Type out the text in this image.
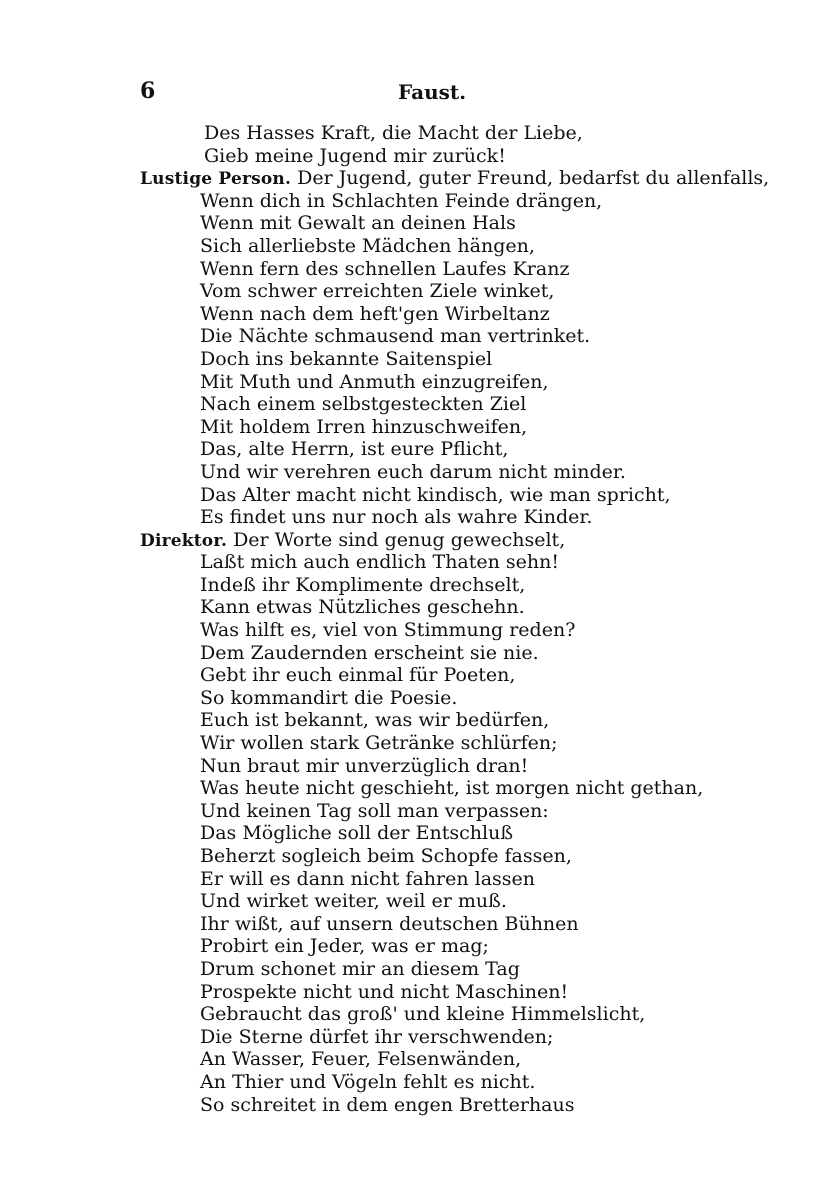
6	Faust.
Des Hasses Kraft, die Macht der Liebe,
Gieb meine Jugend mir zurück!
Lustige Person. Der Jugend, guter Freund, bedarfst du allenfalls,
Wenn dich in Schlachten Feinde drängen,
Wenn mit Gewalt an deinen Hals
Sich allerliebste Mädchen hängen,
Wenn fern des schnellen Laufes Kranz
Vom schwer erreichten Ziele winket,
Wenn nach dem heft'gen Wirbeltanz
Die Nächte schmausend man vertrinket.
Doch ins bekannte Saitenspiel
Mit Muth und Anmuth einzugreifen,
Nach einem selbstgesteckten Ziel
Mit holdem Irren hinzuschweifen,
Das, alte Herrn, ist eure Pflicht,
Und wir verehren euch darum nicht minder.
Das Alter macht nicht kindisch, wie man spricht,
Es findet uns nur noch als wahre Kinder.
Direktor. Der Worte sind genug gewechselt,
Laßt mich auch endlich Thaten sehn!
Indeß ihr Komplimente drechselt,
Kann etwas Nützliches geschehn.
Was hilft es, viel von Stimmung reden?
Dem Zaudernden erscheint sie nie.
Gebt ihr euch einmal für Poeten,
So kommandirt die Poesie.
Euch ist bekannt, was wir bedürfen,
Wir wollen stark Getränke schlürfen;
Nun braut mir unverzüglich dran!
Was heute nicht geschieht, ist morgen nicht gethan,
Und keinen Tag soll man verpassen:
Das Mögliche soll der Entschluß
Beherzt sogleich beim Schopfe fassen,
Er will es dann nicht fahren lassen
Und wirket weiter, weil er muß.
Ihr wißt, auf unsern deutschen Bühnen
Probirt ein Jeder, was er mag;
Drum schonet mir an diesem Tag
Prospekte nicht und nicht Maschinen!
Gebraucht das groß' und kleine Himmelslicht,
Die Sterne dürfet ihr verschwenden;
An Wasser, Feuer, Felsenwänden,
An Thier und Vögeln fehlt es nicht.
So schreitet in dem engen Bretterhaus
